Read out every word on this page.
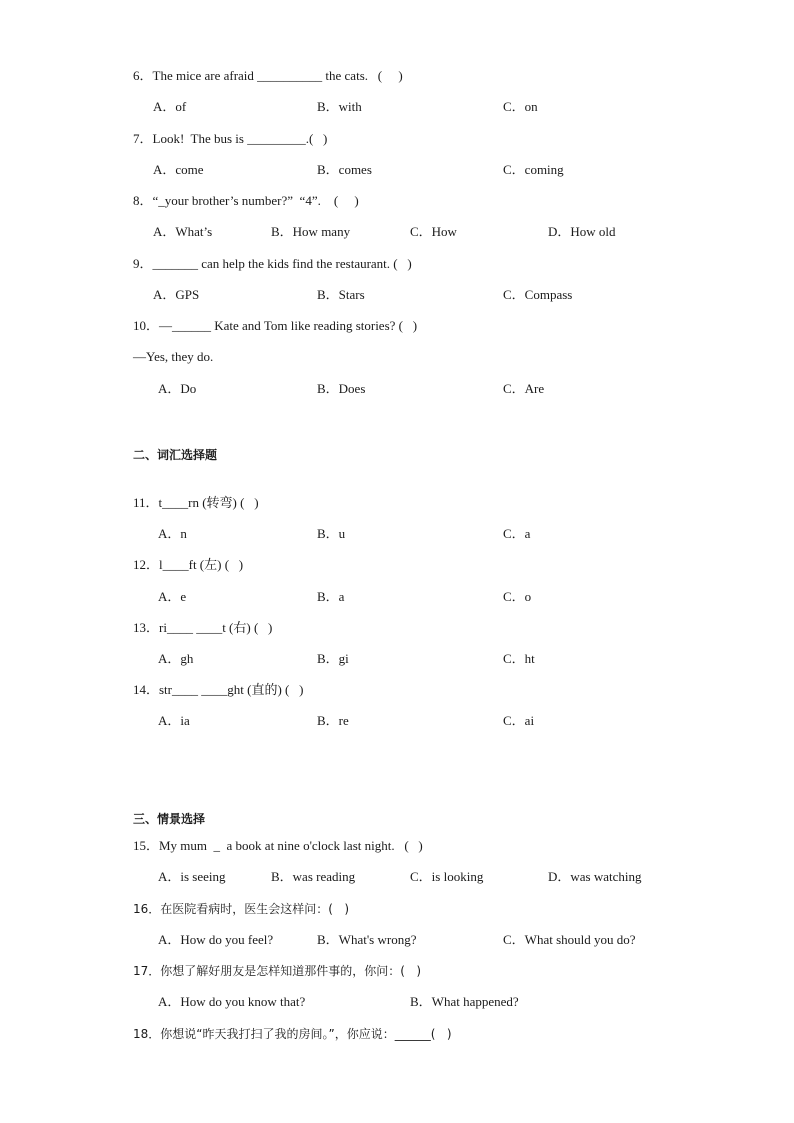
6．The mice are afraid __________ the cats.   (     )
A．of	B．with	C．on
7．Look!  The bus is _________.(   )
A．come	B．comes	C．coming
8．“_your brother’s number?”  “4”.    (     )
A．What’s	B．How many	C．How	D．How old
9．_______ can help the kids find the restaurant. (   )
A．GPS	B．Stars	C．Compass
10．—______ Kate and Tom like reading stories? (   )
—Yes, they do.
A．Do	B．Does	C．Are
二、词汇选择题
11．t____rn (转弯) (   )
A．n	B．u	C．a
12．l____ft (左) (   )
A．e	B．a	C．o
13．ri____ ____t (右) (   )
A．gh	B．gi	C．ht
14．str____ ____ght (直的) (   )
A．ia	B．re	C．ai
三、情景选择
15．My mum  _  a book at nine o'clock last night.   (   )
A．is seeing	B．was reading	C．is looking	D．was watching
16．在医院看病时，医生会这样问：(   )
A．How do you feel?	B．What's wrong?	C．What should you do?
17．你想了解好朋友是怎样知道那件事的，你问：(   )
A．How do you know that?	B．What happened?
18．你想说“昨天我打扫了我的房间。”，你应说：______(   )
